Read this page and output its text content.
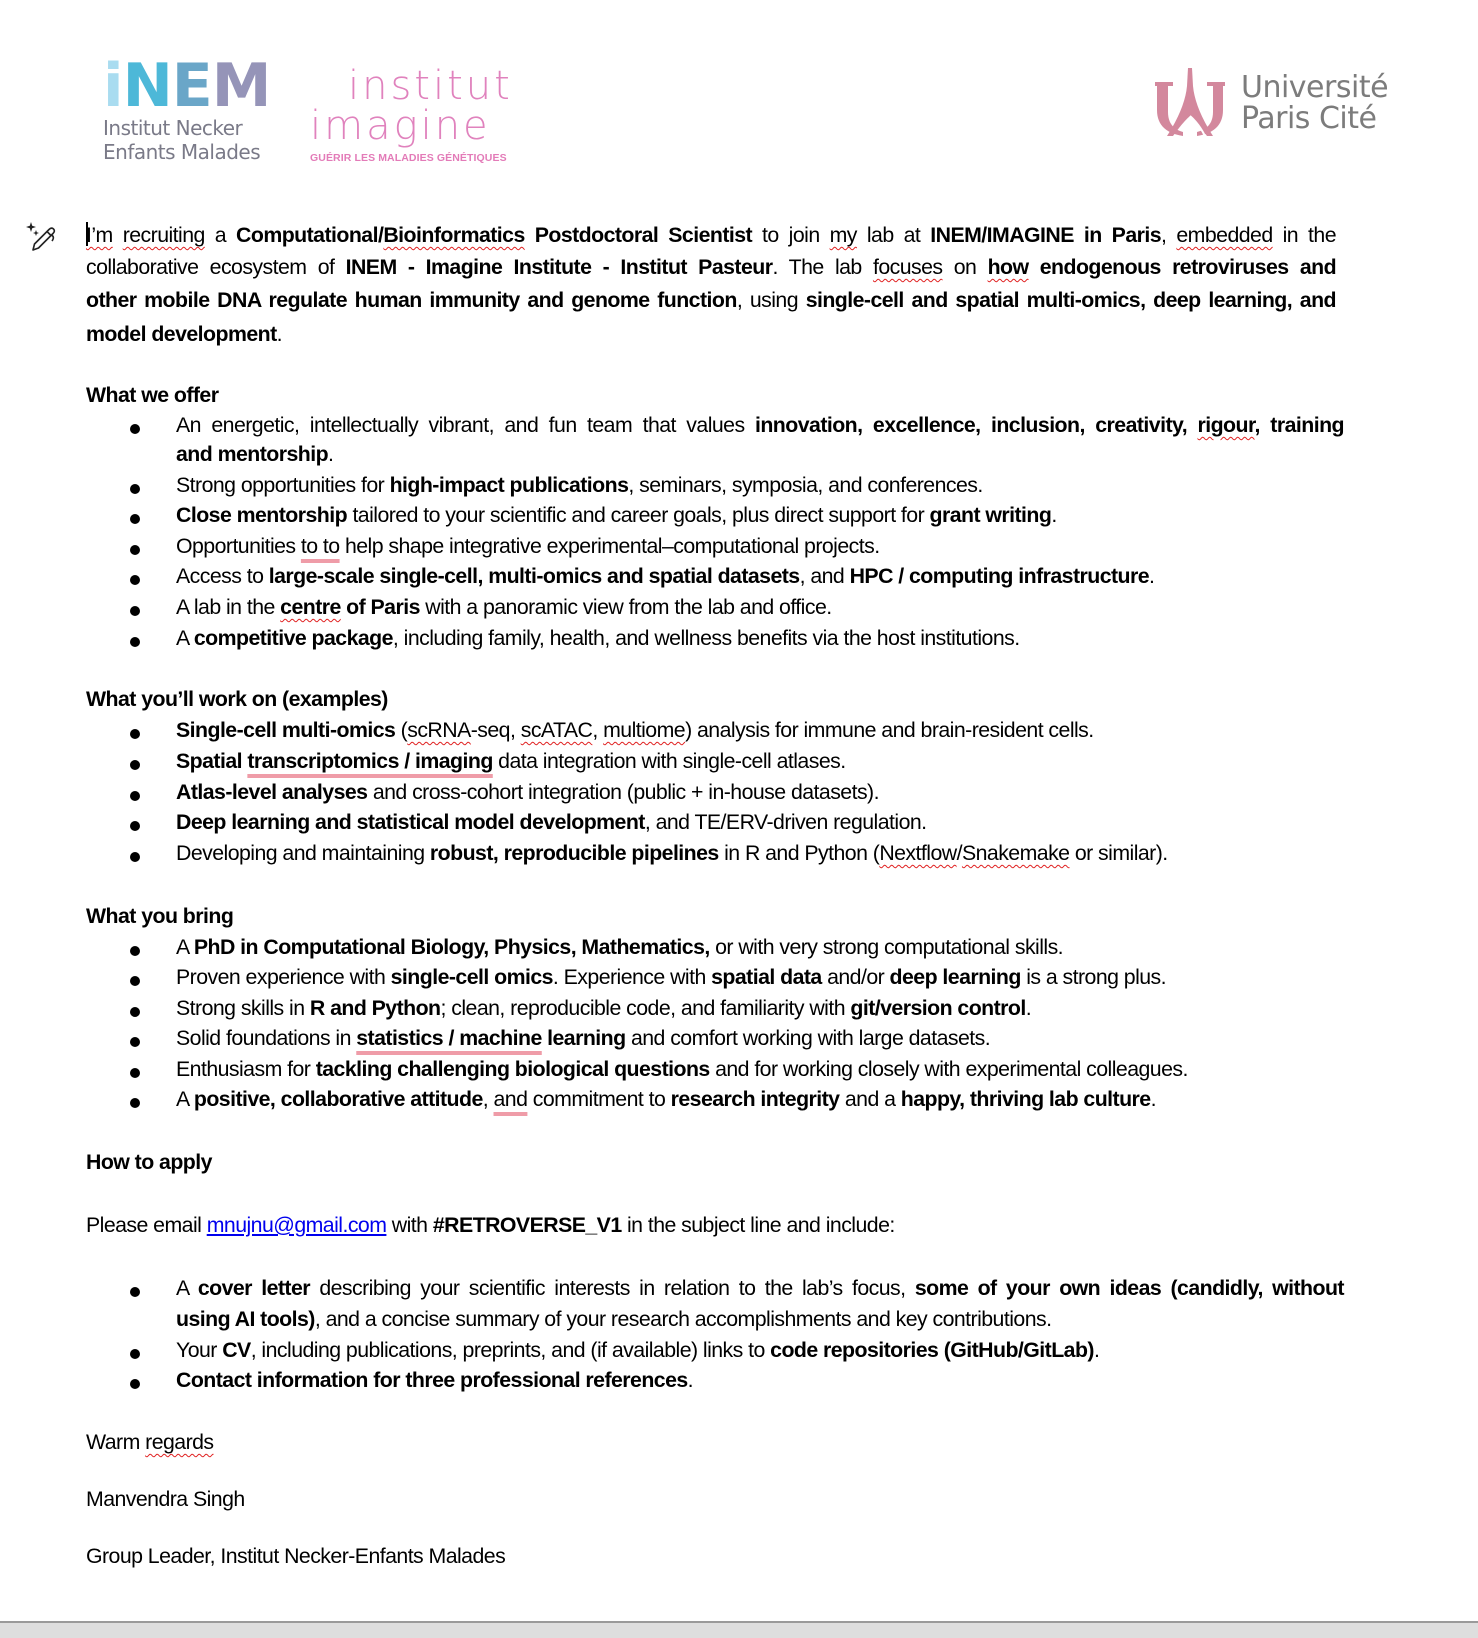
i N E M
Institut Necker
Enfants Malades
institut
imagine
GUÉRIR LES MALADIES GÉNÉTIQUES
Université
Paris Cité
I’m recruiting a Computational/Bioinformatics Postdoctoral Scientist to join my lab at INEM/IMAGINE in Paris, embedded in the
collaborative ecosystem of INEM - Imagine Institute - Institut Pasteur. The lab focuses on how endogenous retroviruses and
other mobile DNA regulate human immunity and genome function, using single-cell and spatial multi-omics, deep learning, and
model development.
What we offer
An energetic, intellectually vibrant, and fun team that values innovation, excellence, inclusion, creativity, rigour, training
and mentorship.
Strong opportunities for high-impact publications, seminars, symposia, and conferences.
Close mentorship tailored to your scientific and career goals, plus direct support for grant writing.
Opportunities to to help shape integrative experimental–computational projects.
Access to large-scale single-cell, multi-omics and spatial datasets, and HPC / computing infrastructure.
A lab in the centre of Paris with a panoramic view from the lab and office.
A competitive package, including family, health, and wellness benefits via the host institutions.
What you’ll work on (examples)
Single-cell multi-omics (scRNA-seq, scATAC, multiome) analysis for immune and brain-resident cells.
Spatial transcriptomics / imaging data integration with single-cell atlases.
Atlas-level analyses and cross-cohort integration (public + in-house datasets).
Deep learning and statistical model development, and TE/ERV-driven regulation.
Developing and maintaining robust, reproducible pipelines in R and Python (Nextflow/Snakemake or similar).
What you bring
A PhD in Computational Biology, Physics, Mathematics, or with very strong computational skills.
Proven experience with single-cell omics. Experience with spatial data and/or deep learning is a strong plus.
Strong skills in R and Python; clean, reproducible code, and familiarity with git/version control.
Solid foundations in statistics / machine learning and comfort working with large datasets.
Enthusiasm for tackling challenging biological questions and for working closely with experimental colleagues.
A positive, collaborative attitude, and commitment to research integrity and a happy, thriving lab culture.
How to apply
Please email mnujnu@gmail.com with #RETROVERSE_V1 in the subject line and include:
A cover letter describing your scientific interests in relation to the lab’s focus, some of your own ideas (candidly, without
using AI tools), and a concise summary of your research accomplishments and key contributions.
Your CV, including publications, preprints, and (if available) links to code repositories (GitHub/GitLab).
Contact information for three professional references.
Warm regards
Manvendra Singh
Group Leader, Institut Necker-Enfants Malades
